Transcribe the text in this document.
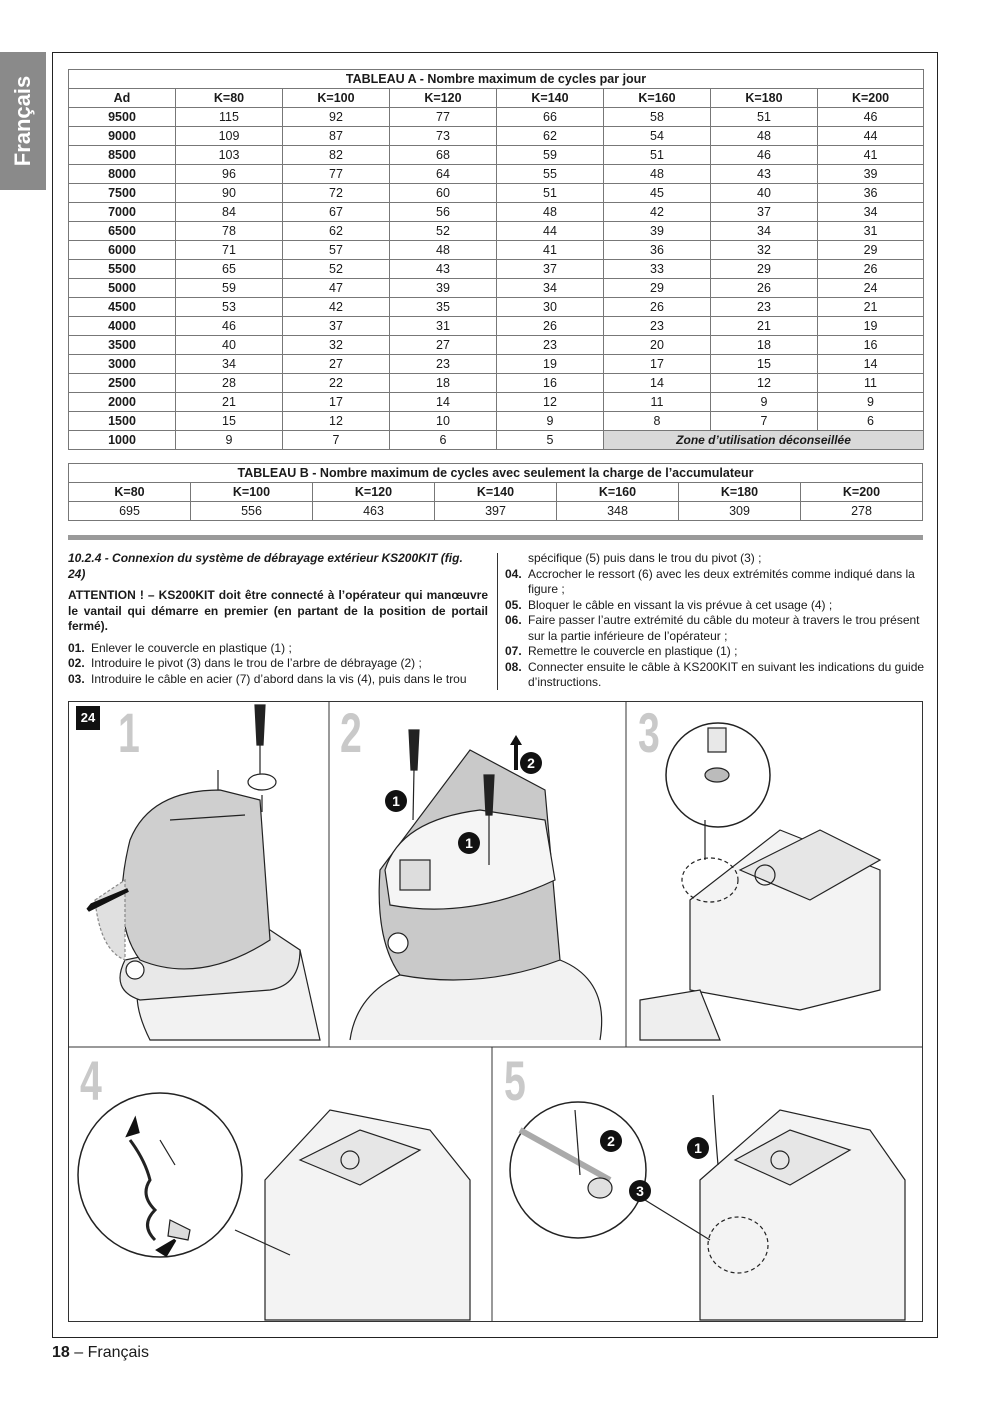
Français	TABLEAU A - Nombre maximum de cycles par jour							
Ad	K=80	K=100	K=120	K=140	K=160	K=180	K=200
9500	115	92	77	66	58	51	46
9000	109	87	73	62	54	48	44
8500	103	82	68	59	51	46	41
8000	96	77	64	55	48	43	39
7500	90	72	60	51	45	40	36
7000	84	67	56	48	42	37	34
6500	78	62	52	44	39	34	31
6000	71	57	48	41	36	32	29
5500	65	52	43	37	33	29	26
5000	59	47	39	34	29	26	24
4500	53	42	35	30	26	23	21
4000	46	37	31	26	23	21	19
3500	40	32	27	23	20	18	16
3000	34	27	23	19	17	15	14
2500	28	22	18	16	14	12	11
2000	21	17	14	12	11	9	9
1500	15	12	10	9	8	7	6
1000	9	7	6	5	Zone d’utilisation déconseillée		
TABLEAU B - Nombre maximum de cycles avec seulement la charge de l’accumulateur						
K=80	K=100	K=120	K=140	K=160	K=180	K=200
695	556	463	397	348	309	278

10.2.4 - Connexion du système de débrayage extérieur KS200KIT (fig. 24)

ATTENTION ! – KS200KIT doit être connecté à l’opérateur qui manœuvre le vantail qui démarre en premier (en partant de la position de portail fermé).

01. Enlever le couvercle en plastique (1) ;
02. Introduire le pivot (3) dans le trou de l’arbre de débrayage (2) ;
03. Introduire le câble en acier (7) d’abord dans la vis (4), puis dans le trou

spécifique (5) puis dans le trou du pivot (3) ;

04. Accrocher le ressort (6) avec les deux extrémités comme indiqué dans la figure ;
05. Bloquer le câble en vissant la vis prévue à cet usage (4) ;
06. Faire passer l’autre extrémité du câble du moteur à travers le trou présent sur la partie inférieure de l’opérateur ;
07. Remettre le couvercle en plastique (1) ;
08. Connecter ensuite le câble à KS200KIT en suivant les indications du guide d’instructions.
24
1
1
2
1
2
3
1	2	3
4	5
18 – Français
